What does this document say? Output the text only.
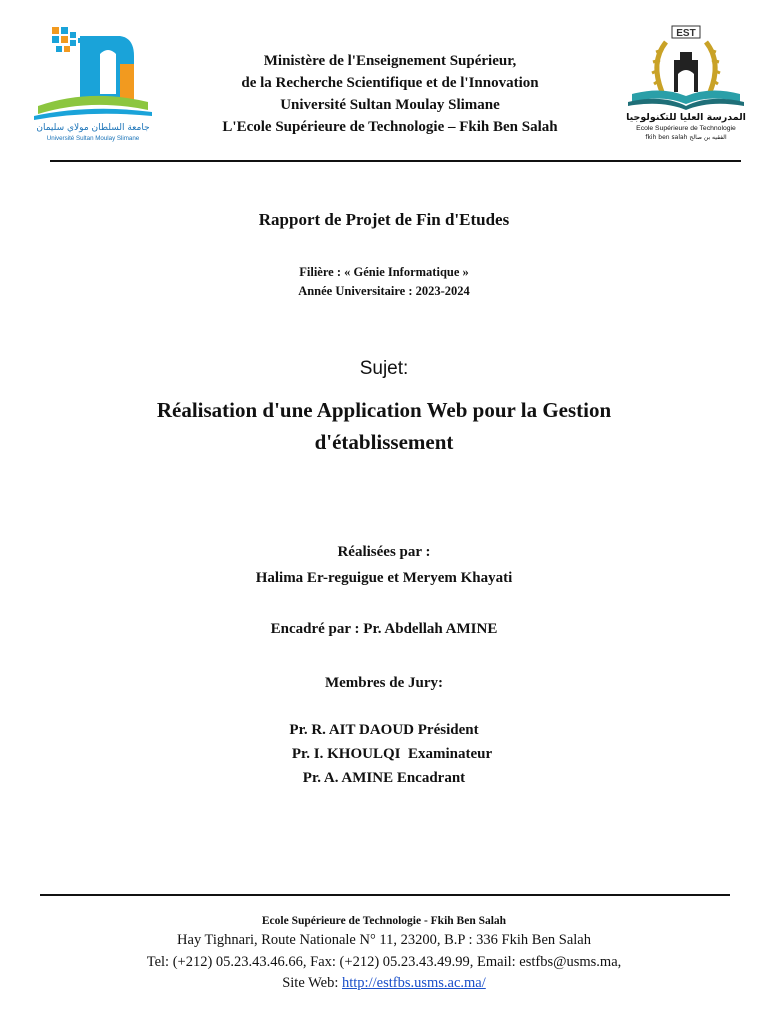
جامعة السلطان مولاي سليمان
Université Sultan Moulay Slimane
Ministère de l'Enseignement Supérieur,
de la Recherche Scientifique et de l'Innovation
Université Sultan Moulay Slimane
L'Ecole Supérieure de Technologie – Fkih Ben Salah
EST
المدرسة العليا للتكنولوجيا
Ecole Supérieure de Technologie
fkih ben salah الفقيه بن صالح
Rapport de Projet de Fin d'Etudes
Filière : « Génie Informatique »
Année Universitaire : 2023-2024
Sujet:
Réalisation d'une Application Web pour la Gestion
d'établissement
Réalisées par :
Halima Er-reguigue et Meryem Khayati
Encadré par : Pr. Abdellah AMINE
Membres de Jury:
Pr. R. AIT DAOUD Président
Pr. I. KHOULQI  Examinateur
Pr. A. AMINE Encadrant
Ecole Supérieure de Technologie - Fkih Ben Salah
Hay Tighnari, Route Nationale N° 11, 23200, B.P : 336 Fkih Ben Salah
Tel: (+212) 05.23.43.46.66, Fax: (+212) 05.23.43.49.99, Email: estfbs@usms.ma,
Site Web: http://estfbs.usms.ac.ma/
